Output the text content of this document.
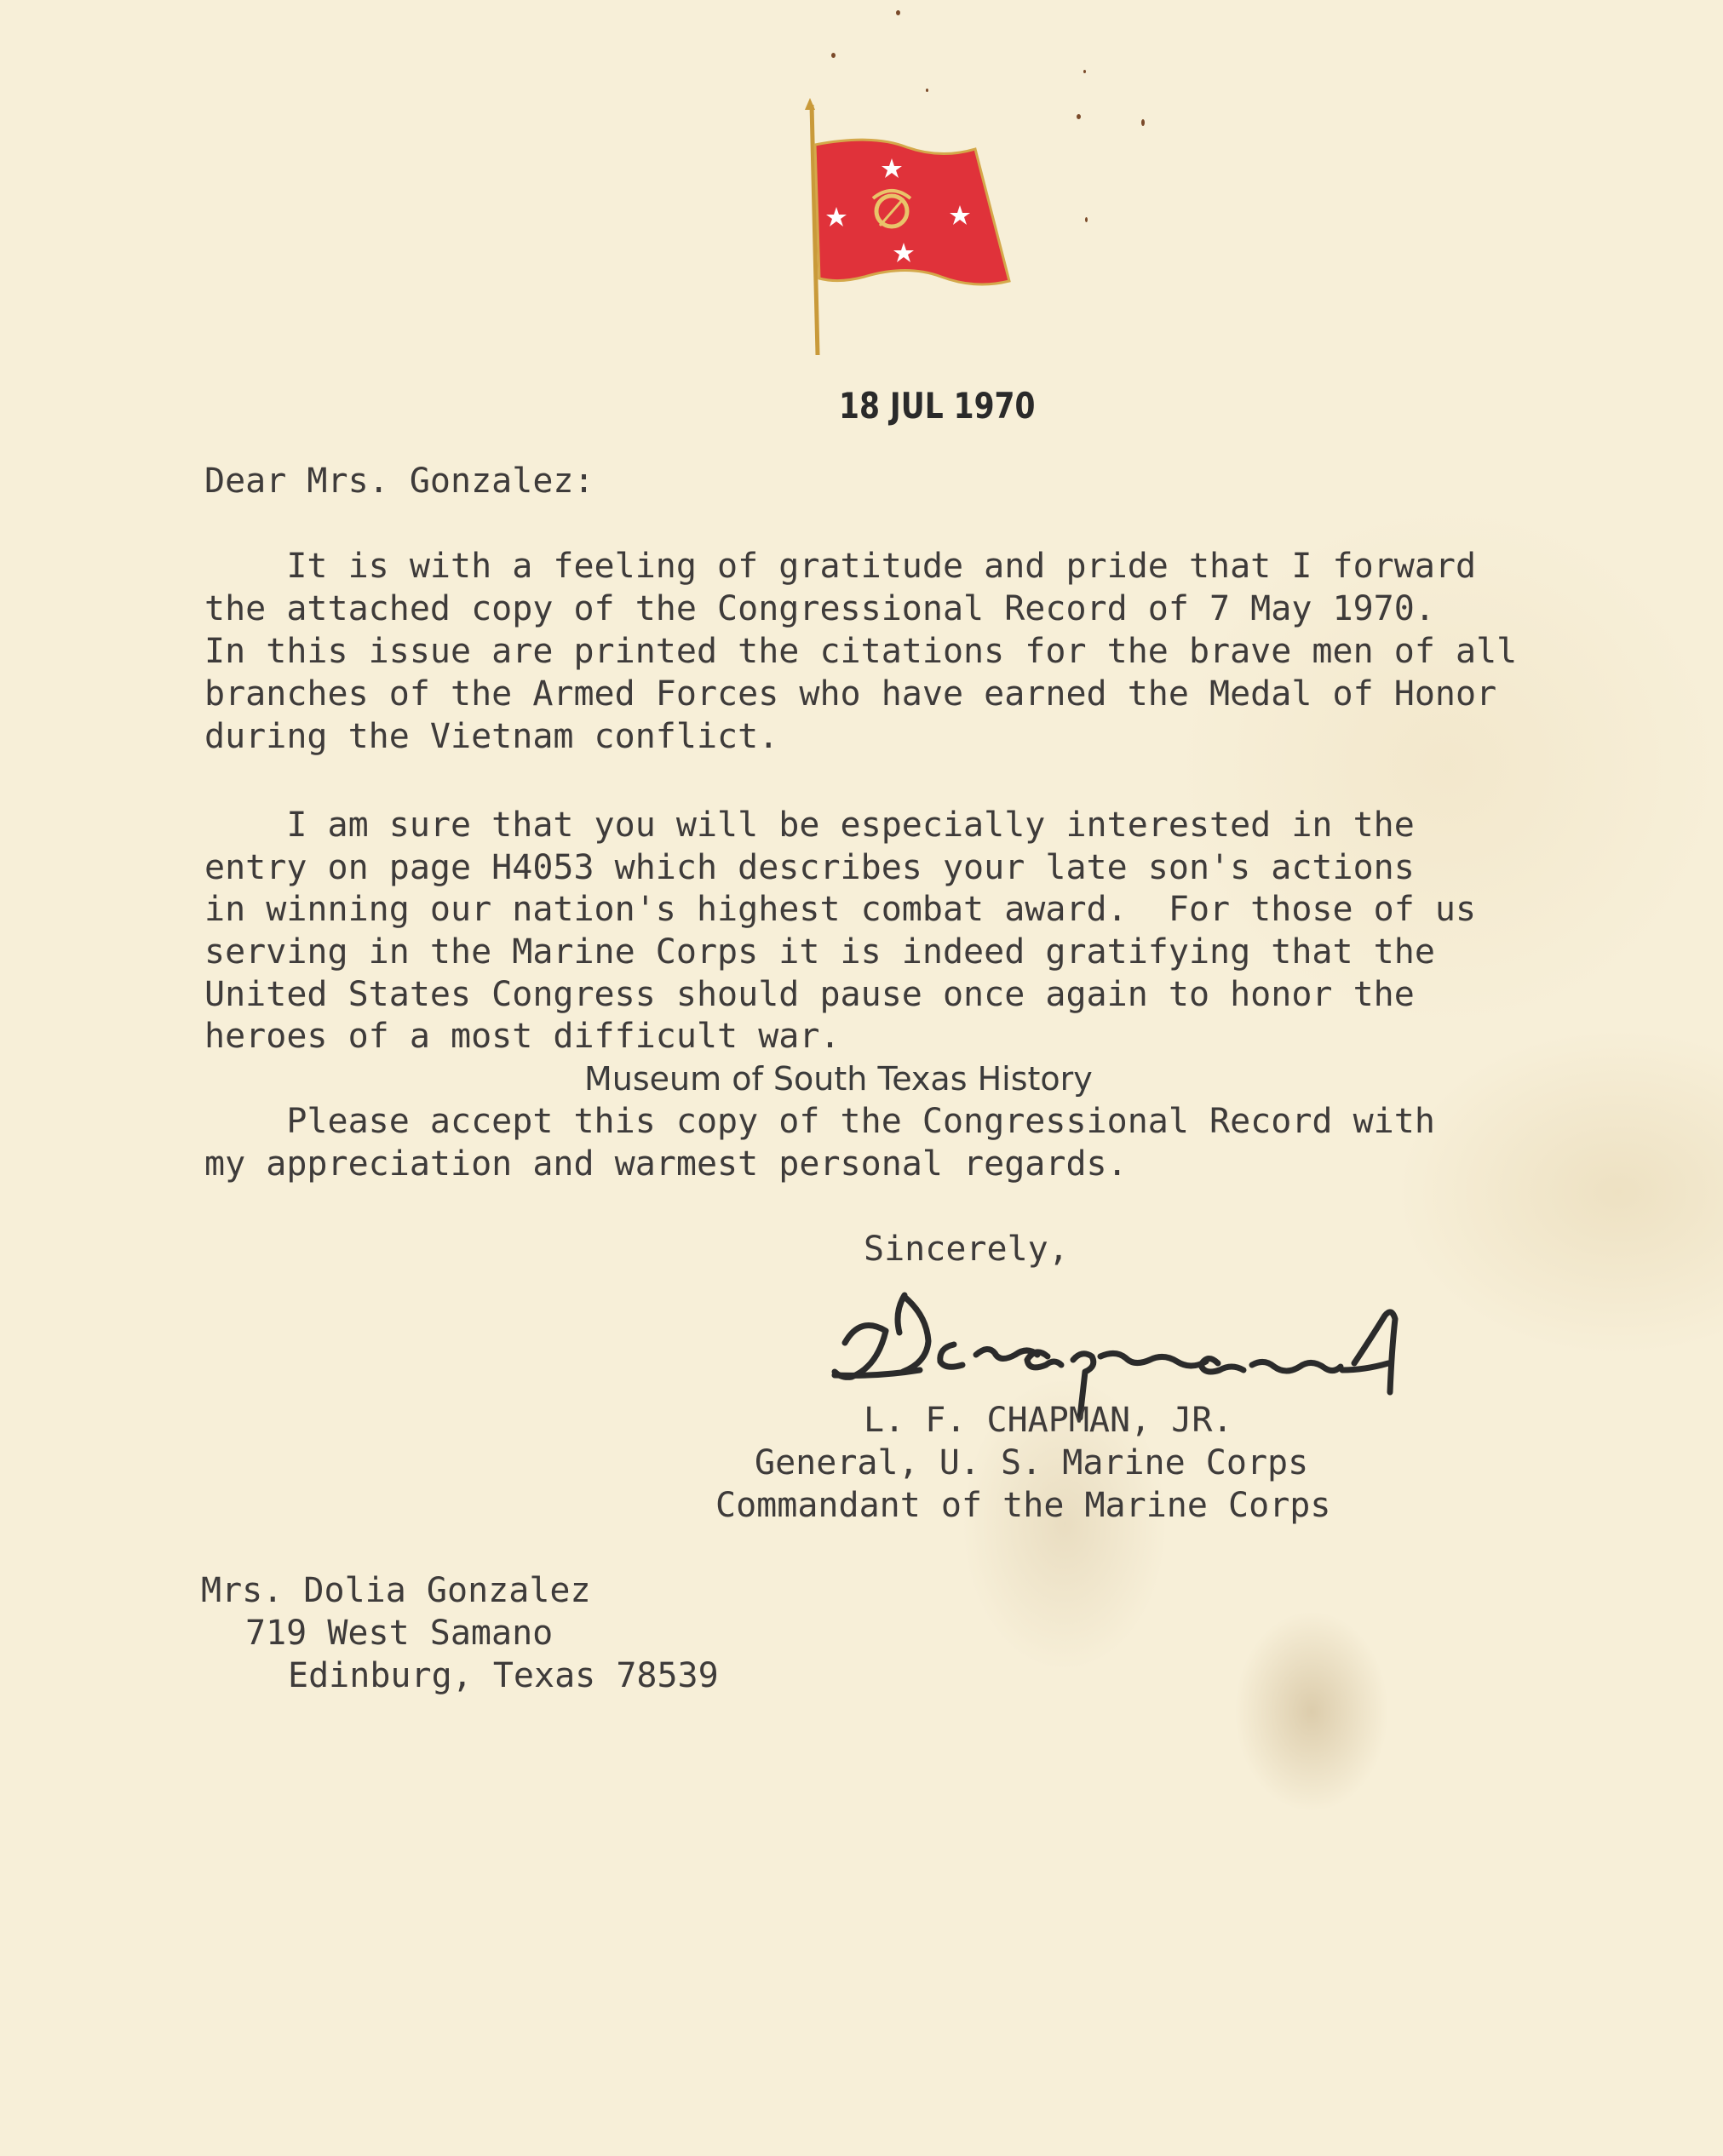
18 JUL 1970

Dear Mrs. Gonzalez:

It is with a feeling of gratitude and pride that I forward

the attached copy of the Congressional Record of 7 May 1970.

In this issue are printed the citations for the brave men of all

branches of the Armed Forces who have earned the Medal of Honor

during the Vietnam conflict.

I am sure that you will be especially interested in the

entry on page H4053 which describes your late son's actions

in winning our nation's highest combat award.  For those of us

serving in the Marine Corps it is indeed gratifying that the

United States Congress should pause once again to honor the

heroes of a most difficult war.

Museum of South Texas History

Please accept this copy of the Congressional Record with

my appreciation and warmest personal regards.

Sincerely,

L. F. CHAPMAN, JR.

General, U. S. Marine Corps

Commandant of the Marine Corps

Mrs. Dolia Gonzalez

719 West Samano

Edinburg, Texas 78539
